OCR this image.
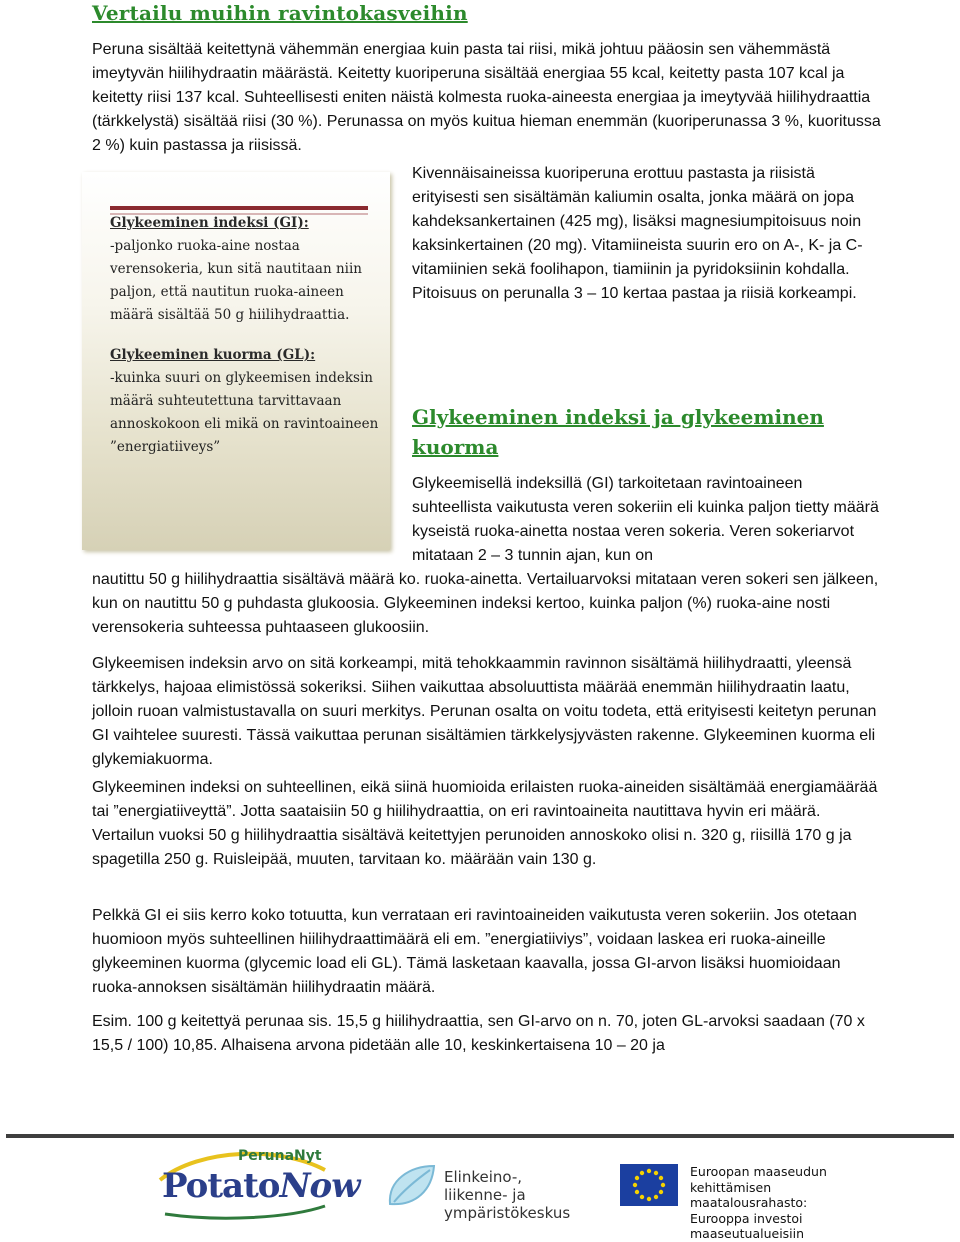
Vertailu muihin ravintokasveihin

Peruna sisältää keitettynä vähemmän energiaa kuin pasta tai riisi, mikä johtuu pääosin sen vähemmästä imeytyvän hiilihydraatin määrästä. Keitetty kuoriperuna sisältää energiaa 55 kcal, keitetty pasta 107 kcal ja keitetty riisi 137 kcal. Suhteellisesti eniten näistä kolmesta ruoka-aineesta energiaa ja imeytyvää hiilihydraattia (tärkkelystä) sisältää riisi (30 %). Perunassa on myös kuitua hieman enemmän (kuoriperunassa 3 %, kuoritussa 2 %) kuin pastassa ja riisissä.

Glykeeminen indeksi (GI):
-paljonko ruoka-aine nostaa verensokeria, kun sitä nautitaan niin paljon, että nautitun ruoka-aineen määrä sisältää 50 g hiilihydraattia.
Glykeeminen kuorma (GL):
-kuinka suuri on glykeemisen indeksin määrä suhteutettuna tarvittavaan annoskokoon eli mikä on ravintoaineen ”energiatiiveys”

Kivennäisaineissa kuoriperuna erottuu pastasta ja riisistä erityisesti sen sisältämän kaliumin osalta, jonka määrä on jopa kahdeksankertainen (425 mg), lisäksi magnesiumpitoisuus noin kaksinkertainen (20 mg). Vitamiineista suurin ero on A-, K- ja C-vitamiinien sekä foolihapon, tiamiinin ja pyridoksiinin kohdalla. Pitoisuus on perunalla 3 – 10 kertaa pastaa ja riisiä korkeampi.

Glykeeminen indeksi ja glykeeminen kuorma

Glykeemisellä indeksillä (GI) tarkoitetaan ravintoaineen suhteellista vaikutusta veren sokeriin eli kuinka paljon tietty määrä kyseistä ruoka-ainetta nostaa veren sokeria. Veren sokeriarvot mitataan 2 – 3 tunnin ajan, kun on

nautittu 50 g hiilihydraattia sisältävä määrä ko. ruoka-ainetta. Vertailuarvoksi mitataan veren sokeri sen jälkeen, kun on nautittu 50 g puhdasta glukoosia. Glykeeminen indeksi kertoo, kuinka paljon (%) ruoka-aine nosti verensokeria suhteessa puhtaaseen glukoosiin.

Glykeemisen indeksin arvo on sitä korkeampi, mitä tehokkaammin ravinnon sisältämä hiilihydraatti, yleensä tärkkelys, hajoaa elimistössä sokeriksi. Siihen vaikuttaa absoluuttista määrää enemmän hiilihydraatin laatu, jolloin ruoan valmistustavalla on suuri merkitys. Perunan osalta on voitu todeta, että erityisesti keitetyn perunan GI vaihtelee suuresti. Tässä vaikuttaa perunan sisältämien tärkkelysjyvästen rakenne. Glykeeminen kuorma eli glykemiakuorma.

Glykeeminen indeksi on suhteellinen, eikä siinä huomioida erilaisten ruoka-aineiden sisältämää energiamäärää tai ”energiatiiveyttä”. Jotta saataisiin 50 g hiilihydraattia, on eri ravintoaineita nautittava hyvin eri määrä. Vertailun vuoksi 50 g hiilihydraattia sisältävä keitettyjen perunoiden annoskoko olisi n. 320 g, riisillä 170 g ja spagetilla 250 g. Ruisleipää, muuten, tarvitaan ko. määrään vain 130 g.

Pelkkä GI ei siis kerro koko totuutta, kun verrataan eri ravintoaineiden vaikutusta veren sokeriin. Jos otetaan huomioon myös suhteellinen hiilihydraattimäärä eli em. ”energiatiiviys”, voidaan laskea eri ruoka-aineille glykeeminen kuorma (glycemic load eli GL). Tämä lasketaan kaavalla, jossa GI-arvon lisäksi huomioidaan ruoka-annoksen sisältämän hiilihydraatin määrä.

Esim. 100 g keitettyä perunaa sis. 15,5 g hiilihydraattia, sen GI-arvo on n. 70, joten GL-arvoksi saadaan (70 x 15,5 / 100) 10,85. Alhaisena arvona pidetään alle 10, keskinkertaisena 10 – 20 ja

PerunaNyt
PotatoNow	Elinkeino-, liikenne- ja
ympäristökeskus
Euroopan maaseudun
kehittämisen maatalousrahasto:
Eurooppa investoi maaseutualueisiin
